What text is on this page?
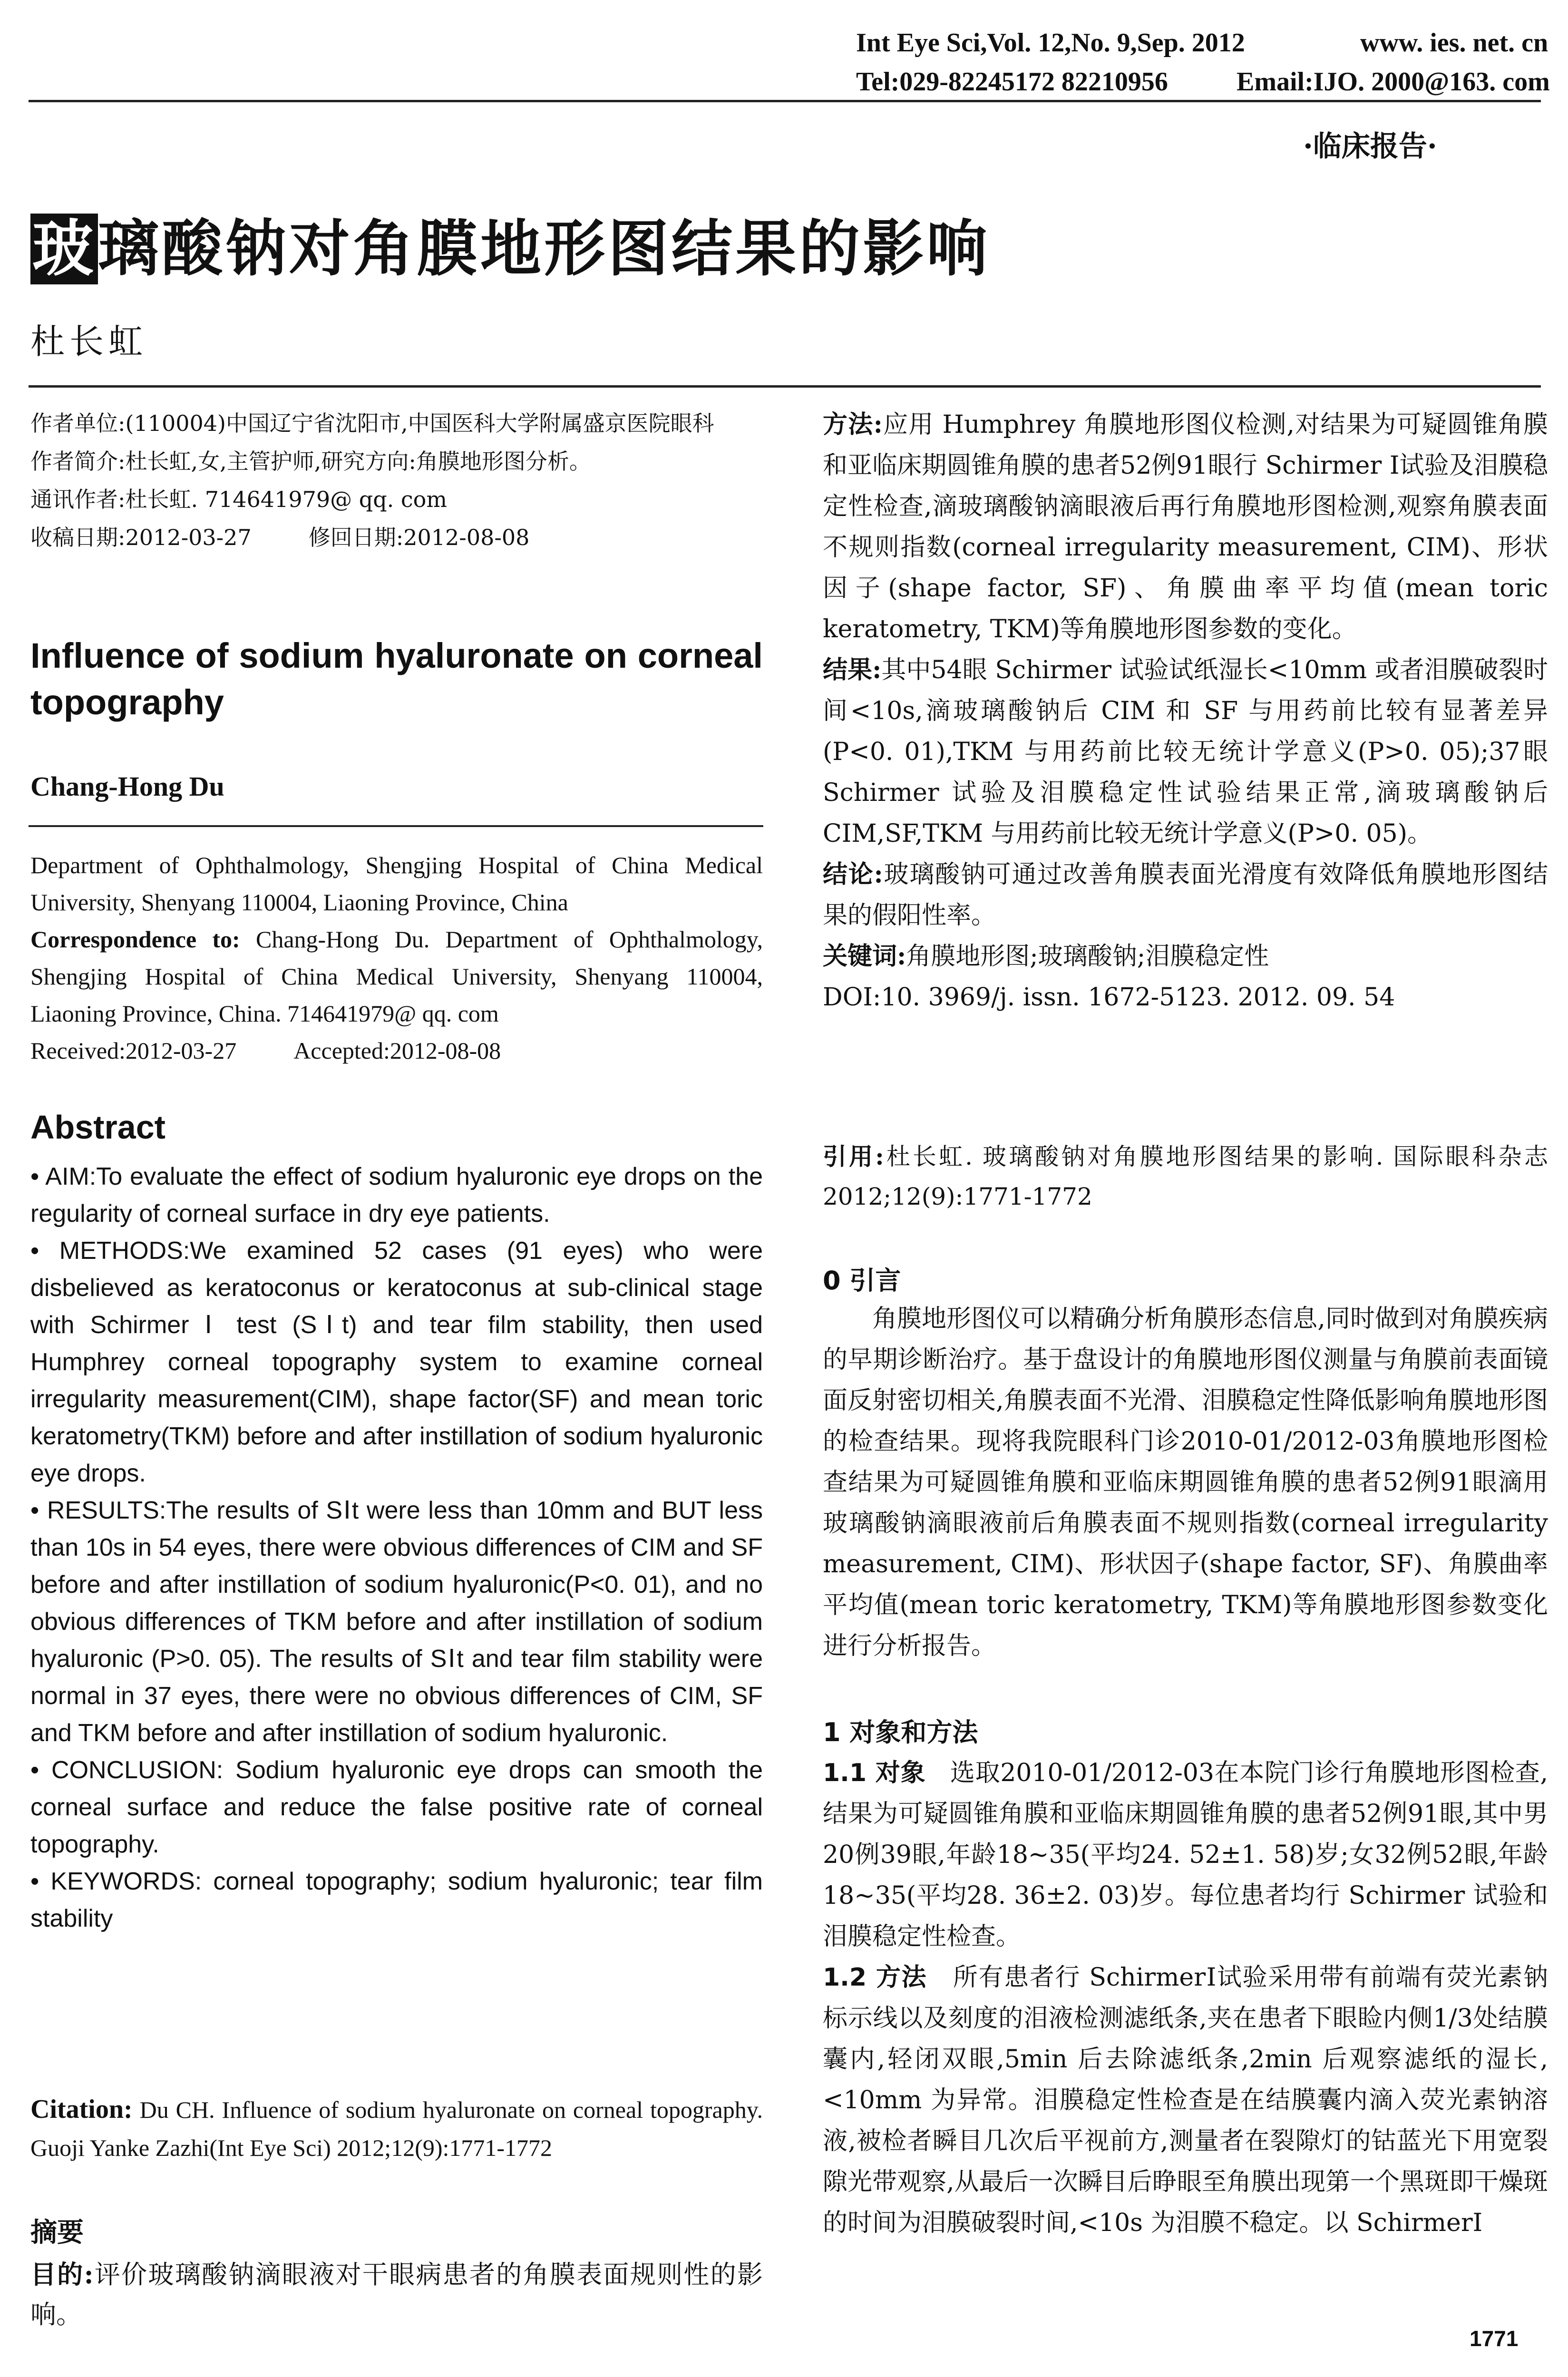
Int Eye Sci,Vol. 12,No. 9,Sep. 2012	www. ies. net. cn
Tel:029-82245172 82210956	Email:IJO. 2000@163. com
·临床报告·
玻璃酸钠对角膜地形图结果的影响
杜长虹
作者单位:(110004)中国辽宁省沈阳市,中国医科大学附属盛京医院眼科
作者简介:杜长虹,女,主管护师,研究方向:角膜地形图分析。
通讯作者:杜长虹. 714641979@ qq. com
收稿日期:2012-03-27	修回日期:2012-08-08
Influence of sodium hyaluronate on corneal topography
Chang-Hong Du
Department of Ophthalmology, Shengjing Hospital of China Medical University, Shenyang 110004, Liaoning Province, China
Correspondence to: Chang-Hong Du. Department of Ophthalmology, Shengjing Hospital of China Medical University, Shenyang 110004, Liaoning Province, China. 714641979@ qq. com
Received:2012-03-27 Accepted:2012-08-08
Abstract

• AIM:To evaluate the effect of sodium hyaluronic eye drops on the regularity of corneal surface in dry eye patients.

• METHODS:We examined 52 cases (91 eyes) who were disbelieved as keratoconus or keratoconus at sub-clinical stage with Schirmer Ⅰ test (SⅠt) and tear film stability, then used Humphrey corneal topography system to examine corneal irregularity measurement(CIM), shape factor(SF) and mean toric keratometry(TKM) before and after instillation of sodium hyaluronic eye drops.

• RESULTS:The results of SⅠt were less than 10mm and BUT less than 10s in 54 eyes, there were obvious differences of CIM and SF before and after instillation of sodium hyaluronic(P<0. 01), and no obvious differences of TKM before and after instillation of sodium hyaluronic (P>0. 05). The results of SⅠt and tear film stability were normal in 37 eyes, there were no obvious differences of CIM, SF and TKM before and after instillation of sodium hyaluronic.

• CONCLUSION: Sodium hyaluronic eye drops can smooth the corneal surface and reduce the false positive rate of corneal topography.

• KEYWORDS: corneal topography; sodium hyaluronic; tear film stability

Citation: Du CH. Influence of sodium hyaluronate on corneal topography. Guoji Yanke Zazhi(Int Eye Sci) 2012;12(9):1771-1772
摘要
目的:评价玻璃酸钠滴眼液对干眼病患者的角膜表面规则性的影响。

方法:应用 Humphrey 角膜地形图仪检测,对结果为可疑圆锥角膜和亚临床期圆锥角膜的患者52例91眼行 Schirmer Ⅰ试验及泪膜稳定性检查,滴玻璃酸钠滴眼液后再行角膜地形图检测,观察角膜表面不规则指数(corneal irregularity measurement, CIM)、形状因子(shape factor, SF)、角膜曲率平均值(mean toric keratometry, TKM)等角膜地形图参数的变化。

结果:其中54眼 Schirmer 试验试纸湿长<10mm 或者泪膜破裂时间<10s,滴玻璃酸钠后 CIM 和 SF 与用药前比较有显著差异(P<0. 01),TKM 与用药前比较无统计学意义(P>0. 05);37眼 Schirmer 试验及泪膜稳定性试验结果正常,滴玻璃酸钠后 CIM,SF,TKM 与用药前比较无统计学意义(P>0. 05)。

结论:玻璃酸钠可通过改善角膜表面光滑度有效降低角膜地形图结果的假阳性率。

关键词:角膜地形图;玻璃酸钠;泪膜稳定性

DOI:10. 3969/j. issn. 1672-5123. 2012. 09. 54

引用:杜长虹. 玻璃酸钠对角膜地形图结果的影响. 国际眼科杂志 2012;12(9):1771-1772
0 引言

角膜地形图仪可以精确分析角膜形态信息,同时做到对角膜疾病的早期诊断治疗。基于盘设计的角膜地形图仪测量与角膜前表面镜面反射密切相关,角膜表面不光滑、泪膜稳定性降低影响角膜地形图的检查结果。现将我院眼科门诊2010-01/2012-03角膜地形图检查结果为可疑圆锥角膜和亚临床期圆锥角膜的患者52例91眼滴用玻璃酸钠滴眼液前后角膜表面不规则指数(corneal irregularity measurement, CIM)、形状因子(shape factor, SF)、角膜曲率平均值(mean toric keratometry, TKM)等角膜地形图参数变化进行分析报告。

1 对象和方法

1.1 对象 选取2010-01/2012-03在本院门诊行角膜地形图检查,结果为可疑圆锥角膜和亚临床期圆锥角膜的患者52例91眼,其中男20例39眼,年龄18~35(平均24. 52±1. 58)岁;女32例52眼,年龄18~35(平均28. 36±2. 03)岁。每位患者均行 Schirmer 试验和泪膜稳定性检查。

1.2 方法 所有患者行 SchirmerⅠ试验采用带有前端有荧光素钠标示线以及刻度的泪液检测滤纸条,夹在患者下眼睑内侧1/3处结膜囊内,轻闭双眼,5min 后去除滤纸条,2min 后观察滤纸的湿长,<10mm 为异常。泪膜稳定性检查是在结膜囊内滴入荧光素钠溶液,被检者瞬目几次后平视前方,测量者在裂隙灯的钴蓝光下用宽裂隙光带观察,从最后一次瞬目后睁眼至角膜出现第一个黑斑即干燥斑的时间为泪膜破裂时间,<10s 为泪膜不稳定。以 SchirmerⅠ

1771
